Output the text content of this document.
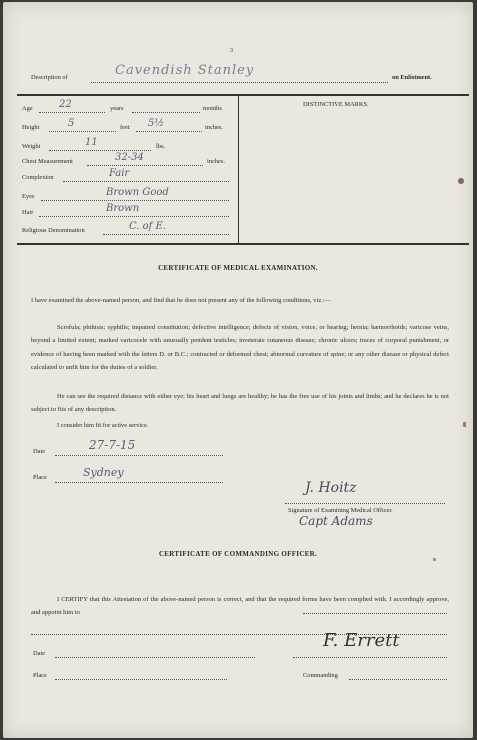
3
Description of	Cavendish Stanley	on Enlistment.
DISTINCTIVE MARKS.
Age	22	years	months
Height	5	feet 5½	inches.
Weight	11	lbs.
Chest Measurement	32-34	inches.
Complexion	Fair
Eyes	Brown Good
Hair	Brown
Religious Denomination	C. of E.
CERTIFICATE OF MEDICAL EXAMINATION.
I have examined the above-named person, and find that he does not present any of the following conditions, viz.:—
Scrofula; phthisis; syphilis; impaired constitution; defective intelligence; defects of vision, voice, or hearing; hernia; hæmorrhoids; varicose veins, beyond a limited extent; marked varicocele with unusually pendent testicles; inveterate cutaneous disease; chronic ulcers; traces of corporal punishment, or evidence of having been marked with the letters D. or B.C.; contracted or deformed chest; abnormal curvature of spine; or any other disease or physical defect calculated to unfit him for the duties of a soldier.
He can see the required distance with either eye; his heart and lungs are healthy; he has the free use of his joints and limbs; and he declares he is not subject to fits of any description.
I consider him fit for active service.
Date	27-7-15
Place	Sydney
J. Hoitz
Signature of Examining Medical Officer.
Capt Adams
CERTIFICATE OF COMMANDING OFFICER.
I CERTIFY that this Attestation of the above-named person is correct, and that the required forms have been complied with. I accordingly approve, and appoint him to
Date
F. Errett
Place	Commanding
